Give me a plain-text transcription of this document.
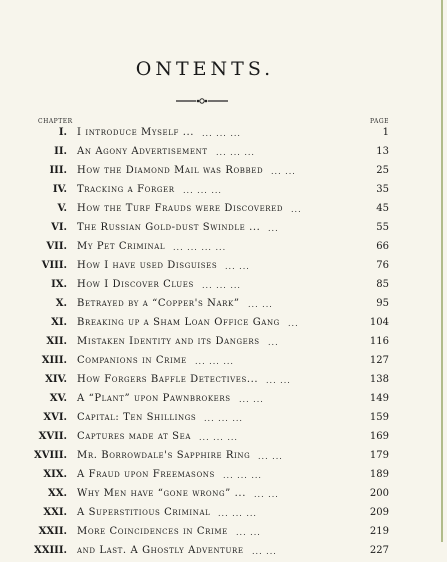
ONTENTS.
CHAPTER	PAGE
I. I introduce Myself ... ... ... ...	1
II. An Agony Advertisement ... ... ...	13
III. How the Diamond Mail was Robbed ... ...	25
IV. Tracking a Forger ... ... ...	35
V. How the Turf Frauds were Discovered ...	45
VI. The Russian Gold-dust Swindle ... ...	55
VII. My Pet Criminal ... ... ... ...	66
VIII. How I have used Disguises ... ...	76
IX. How I Discover Clues ... ... ...	85
X. Betrayed by a “Copper's Nark” ... ...	95
XI. Breaking up a Sham Loan Office Gang ...	104
XII. Mistaken Identity and its Dangers ...	116
XIII. Companions in Crime ... ... ...	127
XIV. How Forgers Baffle Detectives... ... ...	138
XV. A “Plant” upon Pawnbrokers ... ...	149
XVI. Capital: Ten Shillings ... ... ...	159
XVII. Captures made at Sea ... ... ...	169
XVIII. Mr. Borrowdale's Sapphire Ring ... ...	179
XIX. A Fraud upon Freemasons ... ... ...	189
XX. Why Men have “gone wrong” ... ... ...	200
XXI. A Superstitious Criminal ... ... ...	209
XXII. More Coincidences in Crime ... ...	219
XXIII. and Last. A Ghostly Adventure ... ...	227
